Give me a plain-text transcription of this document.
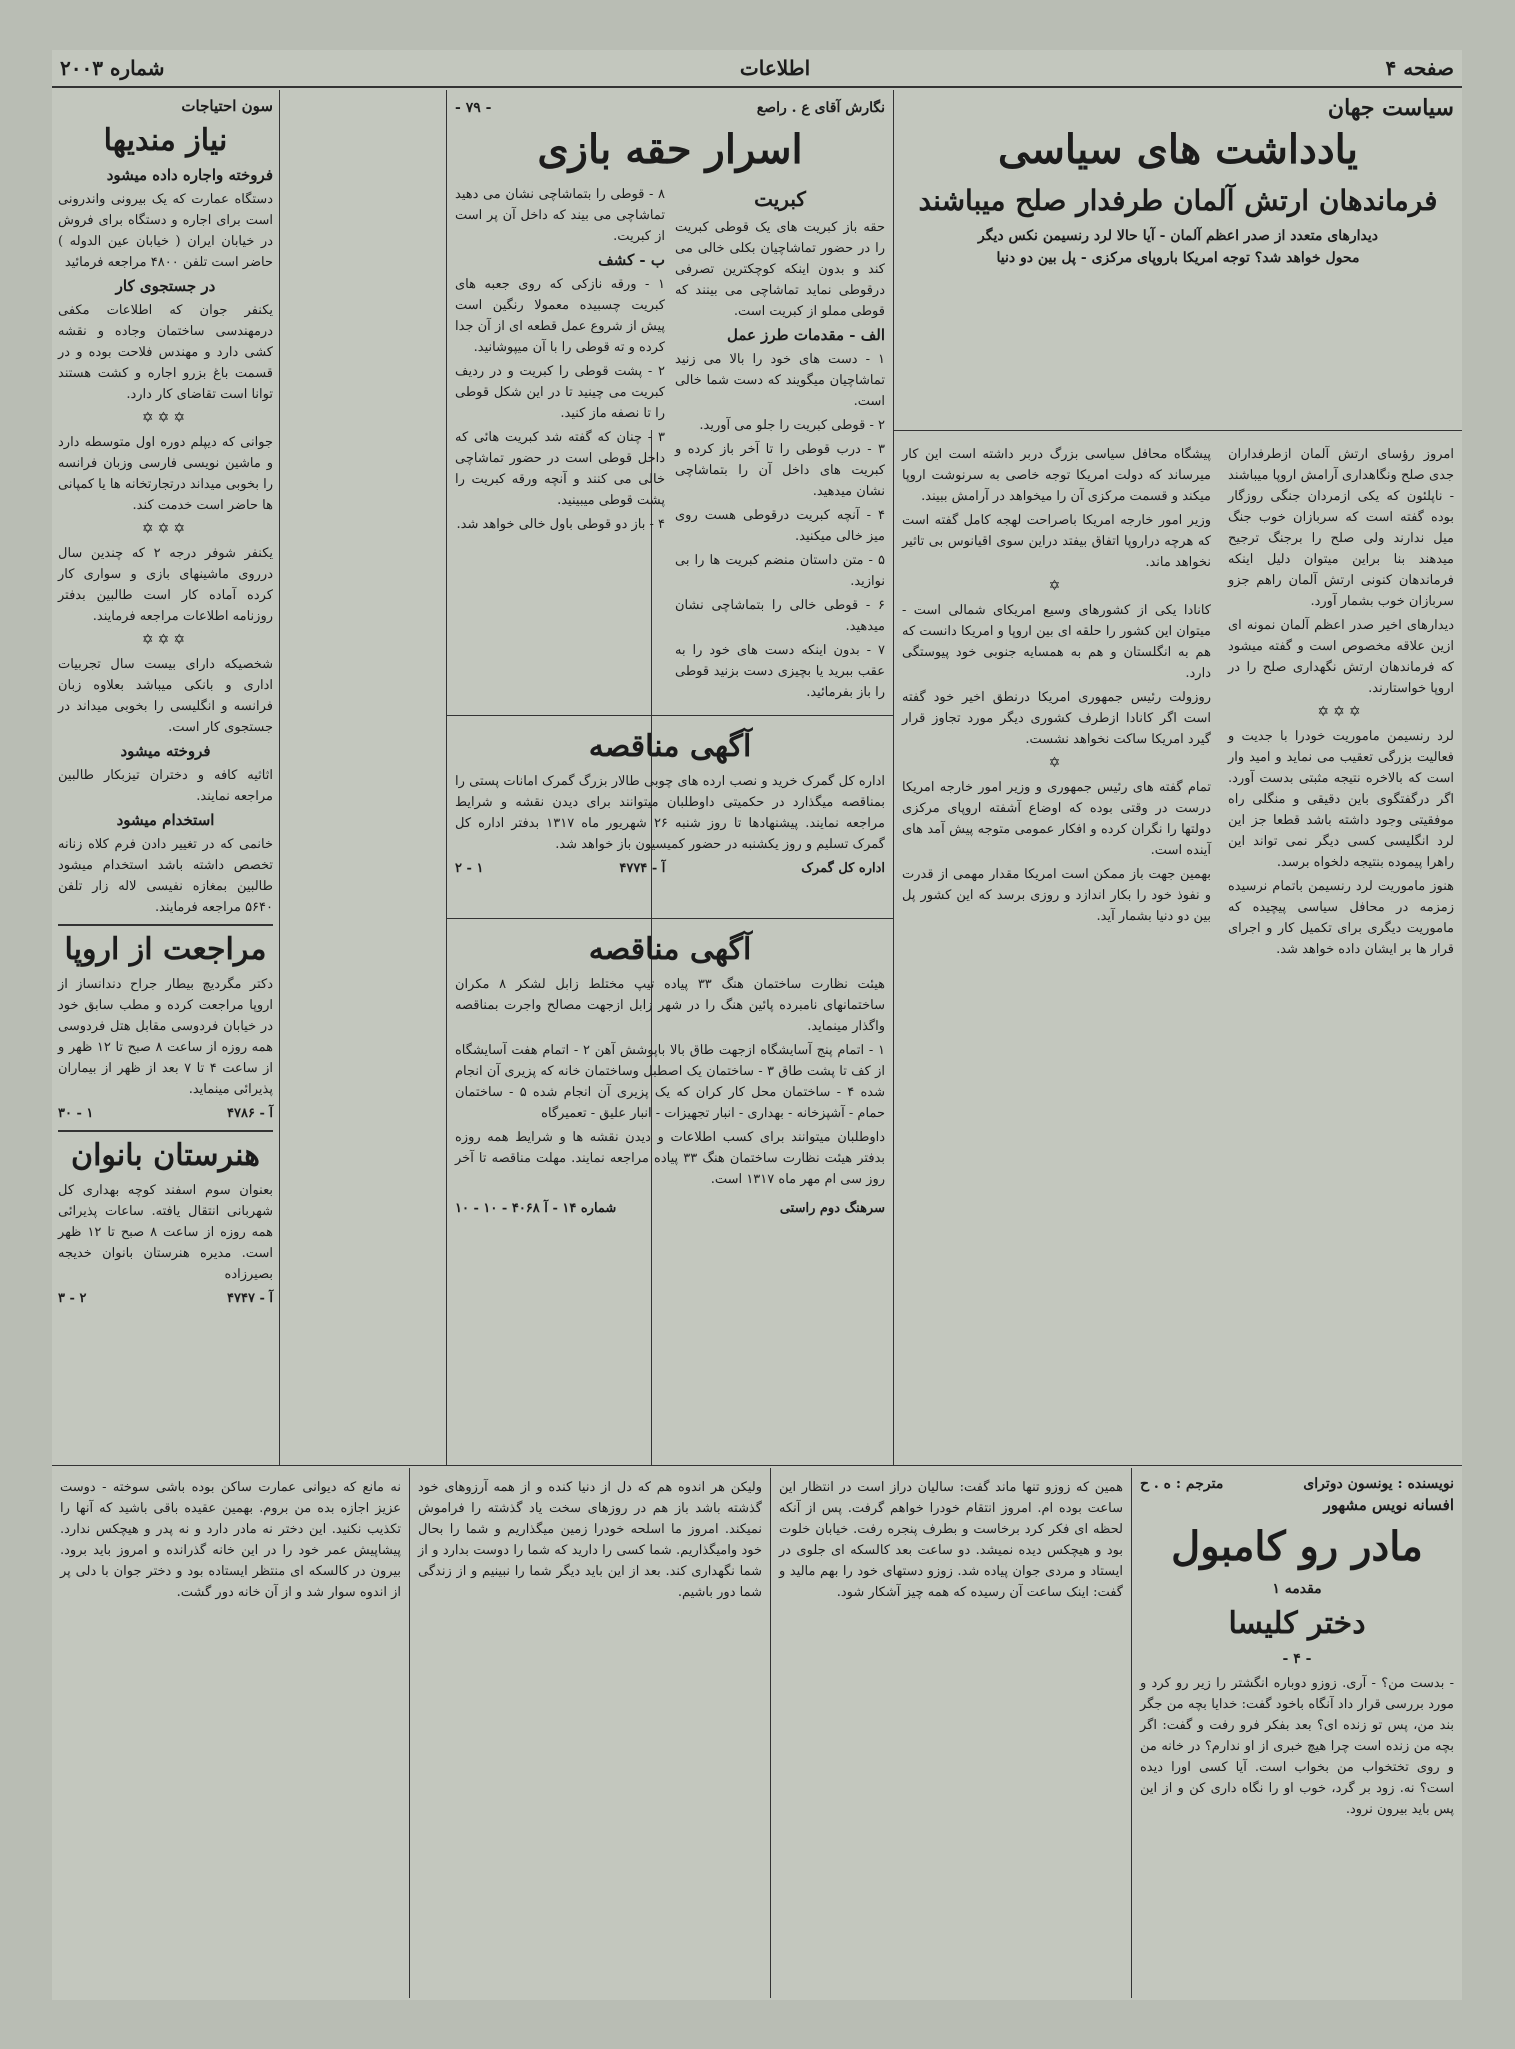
صفحه ۴
اطلاعات
شماره ۲۰۰۳
سیاست جهان
یادداشت های سیاسی
فرماندهان ارتش آلمان طرفدار صلح میباشند
دیدارهای متعدد از صدر اعظم آلمان - آیا حالا لرد رنسیمن نکس دیگر
محول خواهد شد؟ توجه امریکا باروپای مرکزی - پل بین دو دنیا

امروز رؤسای ارتش آلمان ازطرفداران جدی صلح ونگاهداری آرامش اروپا میباشند - ناپلئون که یکی ازمردان جنگی روزگار بوده گفته است که سربازان خوب جنگ میل ندارند ولی صلح را برجنگ ترجیح میدهند بنا براین میتوان دلیل اینکه فرماندهان کنونی ارتش آلمان راهم جزو سربازان خوب بشمار آورد.

دیدارهای اخیر صدر اعظم آلمان نمونه ای ازین علاقه مخصوص است و گفته میشود که فرماندهان ارتش نگهداری صلح را در اروپا خواستارند.

✡✡✡

لرد رنسیمن ماموریت خودرا با جدیت و فعالیت بزرگی تعقیب می نماید و امید وار است که بالاخره نتیجه مثبتی بدست آورد. اگر درگفتگوی باین دقیقی و منگلی راه موفقیتی وجود داشته باشد قطعا جز این لرد انگلیسی کسی دیگر نمی تواند این راهرا پیموده بنتیجه دلخواه برسد.

هنوز ماموریت لرد رنسیمن باتمام نرسیده زمزمه در محافل سیاسی پیچیده که ماموریت دیگری برای تکمیل کار و اجرای قرار ها بر ایشان داده خواهد شد.

پیشگاه محافل سیاسی بزرگ دربر داشته است این کار میرساند که دولت امریکا توجه خاصی به سرنوشت اروپا میکند و قسمت مرکزی آن را میخواهد در آرامش ببیند.

وزیر امور خارجه امریکا باصراحت لهجه کامل گفته است که هرچه دراروپا اتفاق بیفتد دراین سوی اقیانوس بی تاثیر نخواهد ماند.

✡

کانادا یکی از کشورهای وسیع امریکای شمالی است - میتوان این کشور را حلقه ای بین اروپا و امریکا دانست که هم به انگلستان و هم به همسایه جنوبی خود پیوستگی دارد.

روزولت رئیس جمهوری امریکا درنطق اخیر خود گفته است اگر کانادا ازطرف کشوری دیگر مورد تجاوز قرار گیرد امریکا ساکت نخواهد نشست.

✡

تمام گفته های رئیس جمهوری و وزیر امور خارجه امریکا درست در وقتی بوده که اوضاع آشفته اروپای مرکزی دولتها را نگران کرده و افکار عمومی متوجه پیش آمد های آینده است.

بهمین جهت باز ممکن است امریکا مقدار مهمی از قدرت و نفوذ خود را بکار اندازد و روزی برسد که این کشور پل بین دو دنیا بشمار آید.

نگارش آقای ع . راصع
- ۷۹ -
اسرار حقه بازی
کبریت

حقه باز کبریت های یک قوطی کبریت را در حضور تماشاچیان بکلی خالی می کند و بدون اینکه کوچکترین تصرفی درقوطی نماید تماشاچی می بینند که قوطی مملو از کبریت است.

الف - مقدمات طرز عمل

۱ - دست های خود را بالا می زنید تماشاچیان میگویند که دست شما خالی است.

۲ - قوطی کبریت را جلو می آورید.

۳ - درب قوطی را تا آخر باز کرده و کبریت های داخل آن را بتماشاچی نشان میدهید.

۴ - آنچه کبریت درقوطی هست روی میز خالی میکنید.

۵ - متن داستان منضم کبریت ها را بی نوازید.

۶ - قوطی خالی را بتماشاچی نشان میدهید.

۷ - بدون اینکه دست های خود را به عقب ببرید یا بچیزی دست بزنید قوطی را باز بفرمائید.

۸ - قوطی را بتماشاچی نشان می دهید تماشاچی می بیند که داخل آن پر است از کبریت.

ب - کشف

۱ - ورقه نازکی که روی جعبه های کبریت چسبیده معمولا رنگین است پیش از شروع عمل قطعه ای از آن جدا کرده و ته قوطی را با آن میپوشانید.

۲ - پشت قوطی را کبریت و در ردیف کبریت می چینید تا در این شکل قوطی را تا نصفه ماز کنید.

۳ - چنان که گفته شد کبریت هائی که داخل قوطی است در حضور تماشاچی خالی می کنند و آنچه ورقه کبریت را پشت قوطی میبینید.

۴ - باز دو قوطی باول خالی خواهد شد.

آگهی مناقصه

اداره کل گمرک خرید و نصب ارده های چوبی طالار بزرگ گمرک امانات پستی را بمناقصه میگذارد در حکمیتی داوطلبان میتوانند برای دیدن نقشه و شرایط مراجعه نمایند. پیشنهادها تا روز شنبه ۲۶ شهریور ماه ۱۳۱۷ بدفتر اداره کل گمرک تسلیم و روز یکشنبه در حضور کمیسیون باز خواهد شد.

اداره کل گمرک
آ - ۴۷۷۴
۱ - ۲
آگهی مناقصه

هیئت نظارت ساختمان هنگ ۳۳ پیاده تیپ مختلط زابل لشکر ۸ مکران ساختمانهای نامبرده پائین هنگ را در شهر زابل ازجهت مصالح واجرت بمناقصه واگذار مینماید.

۱ - اتمام پنج آسایشگاه ازجهت طاق بالا باپوشش آهن ۲ - اتمام هفت آسایشگاه از کف تا پشت طاق ۳ - ساختمان یک اصطبل وساختمان خانه که پزیری آن انجام شده ۴ - ساختمان محل کار کران که یک پزیری آن انجام شده ۵ - ساختمان حمام - آشپزخانه - بهداری - انبار تجهیزات - انبار علیق - تعمیرگاه

داوطلبان میتوانند برای کسب اطلاعات و دیدن نقشه ها و شرایط همه روزه بدفتر هیئت نظارت ساختمان هنگ ۳۳ پیاده مراجعه نمایند. مهلت مناقصه تا آخر روز سی ام مهر ماه ۱۳۱۷ است.

سرهنگ دوم راستی
شماره ۱۴ - آ ۴۰۶۸ - ۱۰ - ۱۰
سون احتیاجات
نیاز مندیها
فروخته واجاره داده میشود

دستگاه عمارت که یک بیرونی واندرونی است برای اجاره و دستگاه برای فروش در خیابان ایران ( خیابان عین الدوله ) حاضر است تلفن ۴۸۰۰ مراجعه فرمائید

در جستجوی کار

یکنفر جوان که اطلاعات مکفی درمهندسی ساختمان وجاده و نقشه کشی دارد و مهندس فلاحت بوده و در قسمت باغ بزرو اجاره و کشت هستند توانا است تقاضای کار دارد.

✡✡✡

جوانی که دیپلم دوره اول متوسطه دارد و ماشین نویسی فارسی وزبان فرانسه را بخوبی میداند درتجارتخانه ها یا کمپانی ها حاضر است خدمت کند.

✡✡✡

یکنفر شوفر درجه ۲ که چندین سال درروی ماشینهای بازی و سواری کار کرده آماده کار است طالبین بدفتر روزنامه اطلاعات مراجعه فرمایند.

✡✡✡

شخصیکه دارای بیست سال تجربیات اداری و بانکی میباشد بعلاوه زبان فرانسه و انگلیسی را بخوبی میداند در جستجوی کار است.

فروخته میشود

اثاثیه کافه و دختران تیزبکار طالبین مراجعه نمایند.

استخدام میشود

خانمی که در تغییر دادن فرم کلاه زنانه تخصص داشته باشد استخدام میشود طالبین بمغازه نفیسی لاله زار تلفن ۵۶۴۰ مراجعه فرمایند.

مراجعت از اروپا

دکتر مگردیچ بیطار جراح دندانساز از اروپا مراجعت کرده و مطب سابق خود در خیابان فردوسی مقابل هتل فردوسی همه روزه از ساعت ۸ صبح تا ۱۲ ظهر و از ساعت ۴ تا ۷ بعد از ظهر از بیماران پذیرائی مینماید.

آ - ۴۷۸۶
۱ - ۳۰
هنرستان بانوان

بعنوان سوم اسفند کوچه بهداری کل شهربانی انتقال یافته. ساعات پذیرائی همه روزه از ساعت ۸ صبح تا ۱۲ ظهر است. مدیره هنرستان بانوان خدیجه بصیرزاده

آ - ۴۷۴۷
۲ - ۳
نویسنده : یونسون دوترای
مترجم : ه . ح
افسانه نویس مشهور
مادر رو کامبول
مقدمه ۱
دختر کلیسا
- ۴ -

- بدست من؟ - آری. زوزو دوباره انگشتر را زیر رو کرد و مورد بررسی قرار داد آنگاه باخود گفت: خدایا بچه من جگر بند من، پس تو زنده ای؟ بعد بفکر فرو رفت و گفت: اگر بچه من زنده است چرا هیچ خبری از او ندارم؟ در خانه من و روی تختخواب من بخواب است. آیا کسی اورا دیده است؟ نه. زود بر گرد، خوب او را نگاه داری کن و از این پس باید بیرون نرود.

همین که زوزو تنها ماند گفت: سالیان دراز است در انتظار این ساعت بوده ام. امروز انتقام خودرا خواهم گرفت. پس از آنکه لحظه ای فکر کرد برخاست و بطرف پنجره رفت. خیابان خلوت بود و هیچکس دیده نمیشد. دو ساعت بعد کالسکه ای جلوی در ایستاد و مردی جوان پیاده شد. زوزو دستهای خود را بهم مالید و گفت: اینک ساعت آن رسیده که همه چیز آشکار شود.

ولیکن هر اندوه هم که دل از دنیا کنده و از همه آرزوهای خود گذشته باشد باز هم در روزهای سخت یاد گذشته را فراموش نمیکند. امروز ما اسلحه خودرا زمین میگذاریم و شما را بحال خود وامیگذاریم. شما کسی را دارید که شما را دوست بدارد و از شما نگهداری کند. بعد از این باید دیگر شما را نبینیم و از زندگی شما دور باشیم.

نه مانع که دیوانی عمارت ساکن بوده باشی سوخته - دوست عزیز اجازه بده من بروم. بهمین عقیده باقی باشید که آنها را تکذیب نکنید. این دختر نه مادر دارد و نه پدر و هیچکس ندارد. پیشاپیش عمر خود را در این خانه گذرانده و امروز باید برود. بیرون در کالسکه ای منتظر ایستاده بود و دختر جوان با دلی پر از اندوه سوار شد و از آن خانه دور گشت.
